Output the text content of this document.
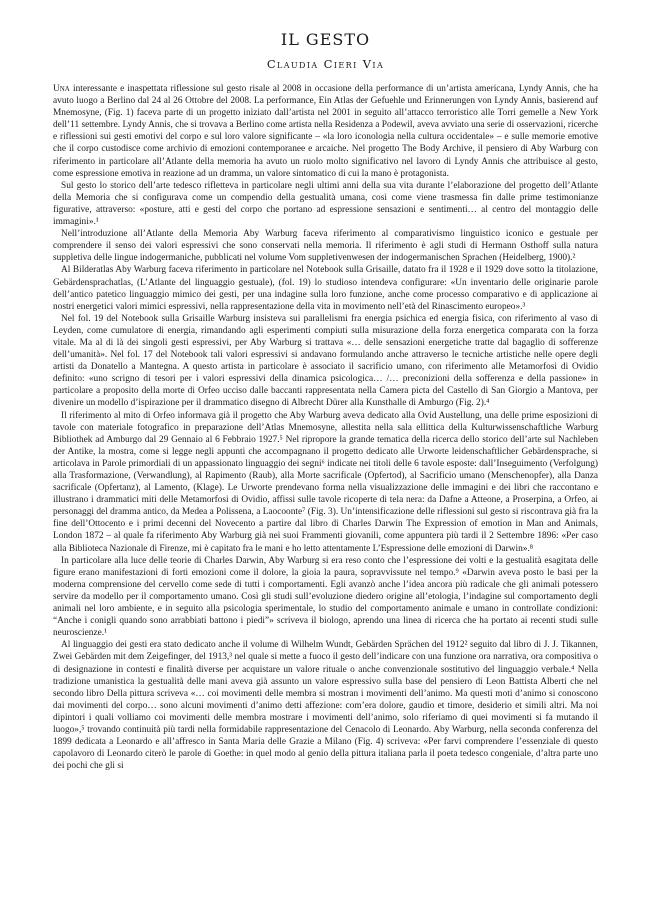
IL GESTO
Claudia Cieri Via

Una interessante e inaspettata riflessione sul gesto risale al 2008 in occasione della performance di un’artista americana, Lyndy Annis, che ha avuto luogo a Berlino dal 24 al 26 Ottobre del 2008. La performance, Ein Atlas der Gefuehle und Erinnerungen von Lyndy Annis, basierend auf Mnemosyne, (Fig. 1) faceva parte di un progetto iniziato dall’artista nel 2001 in seguito all’attacco terroristico alle Torri gemelle a New York dell’11 settembre. Lyndy Annis, che si trovava a Berlino come artista nella Residenza a Podewil, aveva avviato una serie di osservazioni, ricerche e riflessioni sui gesti emotivi del corpo e sul loro valore significante – «la loro iconologia nella cultura occidentale» – e sulle memorie emotive che il corpo custodisce come archivio di emozioni contemporanee e arcaiche. Nel progetto The Body Archive, il pensiero di Aby Warburg con riferimento in particolare all’Atlante della memoria ha avuto un ruolo molto significativo nel lavoro di Lyndy Annis che attribuisce al gesto, come espressione emotiva in reazione ad un dramma, un valore sintomatico di cui la mano è protagonista.

Sul gesto lo storico dell’arte tedesco rifletteva in particolare negli ultimi anni della sua vita durante l’elaborazione del progetto dell’Atlante della Memoria che si configurava come un compendio della gestualità umana, così come viene trasmessa fin dalle prime testimonianze figurative, attraverso: «posture, atti e gesti del corpo che portano ad espressione sensazioni e sentimenti… al centro del montaggio delle immagini».¹

Nell’introduzione all’Atlante della Memoria Aby Warburg faceva riferimento al comparativismo linguistico iconico e gestuale per comprendere il senso dei valori espressivi che sono conservati nella memoria. Il riferimento è agli studi di Hermann Osthoff sulla natura suppletiva delle lingue indogermaniche, pubblicati nel volume Vom suppletivenwesen der indogermanischen Sprachen (Heidelberg, 1900).²

Al Bilderatlas Aby Warburg faceva riferimento in particolare nel Notebook sulla Grisaille, datato fra il 1928 e il 1929 dove sotto la titolazione, Gebärdensprachatlas, (L’Atlante del linguaggio gestuale), (fol. 19) lo studioso intendeva configurare: «Un inventario delle originarie parole dell’antico patetico linguaggio mimico dei gesti, per una indagine sulla loro funzione, anche come processo comparativo e di applicazione ai nostri energetici valori mimici espressivi, nella rappresentazione della vita in movimento nell’età del Rinascimento europeo».³

Nel fol. 19 del Notebook sulla Grisaille Warburg insisteva sui parallelismi fra energia psichica ed energia fisica, con riferimento al vaso di Leyden, come cumulatore di energia, rimandando agli esperimenti compiuti sulla misurazione della forza energetica comparata con la forza vitale. Ma al di là dei singoli gesti espressivi, per Aby Warburg si trattava «… delle sensazioni energetiche tratte dal bagaglio di sofferenze dell’umanità». Nel fol. 17 del Notebook tali valori espressivi si andavano formulando anche attraverso le tecniche artistiche nelle opere degli artisti da Donatello a Mantegna. A questo artista in particolare è associato il sacrificio umano, con riferimento alle Metamorfosi di Ovidio definito: «uno scrigno di tesori per i valori espressivi della dinamica psicologica… /… preconizioni della sofferenza e della passione» in particolare a proposito della morte di Orfeo ucciso dalle baccanti rappresentata nella Camera picta del Castello di San Giorgio a Mantova, per divenire un modello d’ispirazione per il drammatico disegno di Albrecht Dürer alla Kunsthalle di Amburgo (Fig. 2).⁴

Il riferimento al mito di Orfeo informava già il progetto che Aby Warburg aveva dedicato alla Ovid Austellung, una delle prime esposizioni di tavole con materiale fotografico in preparazione dell’Atlas Mnemosyne, allestita nella sala ellittica della Kulturwissenschaftliche Warburg Bibliothek ad Amburgo dal 29 Gennaio al 6 Febbraio 1927.⁵ Nel ripropore la grande tematica della ricerca dello storico dell’arte sul Nachleben der Antike, la mostra, come si legge negli appunti che accompagnano il progetto dedicato alle Urworte leidenschaftlicher Gebärdensprache, si articolava in Parole primordiali di un appassionato linguaggio dei segni⁶ indicate nei titoli delle 6 tavole esposte: dall’Inseguimento (Verfolgung) alla Trasformazione, (Verwandlung), al Rapimento (Raub), alla Morte sacrificale (Opfertod), al Sacrificio umano (Menschenopfer), alla Danza sacrificale (Opfertanz), al Lamento, (Klage). Le Urworte prendevano forma nella visualizzazione delle immagini e dei libri che raccontano e illustrano i drammatici miti delle Metamorfosi di Ovidio, affissi sulle tavole ricoperte di tela nera: da Dafne a Atteone, a Proserpina, a Orfeo, ai personaggi del dramma antico, da Medea a Polissena, a Laocoonte⁷ (Fig. 3). Un’intensificazione delle riflessioni sul gesto si riscontrava già fra la fine dell’Ottocento e i primi decenni del Novecento a partire dal libro di Charles Darwin The Expression of emotion in Man and Animals, London 1872 – al quale fa riferimento Aby Warburg già nei suoi Frammenti giovanili, come appuntera più tardi il 2 Settembre 1896: «Per caso alla Biblioteca Nazionale di Firenze, mi è capitato fra le mani e ho letto attentamente L’Espressione delle emozioni di Darwin».⁸

In particolare alla luce delle teorie di Charles Darwin, Aby Warburg si era reso conto che l’espressione dei volti e la gestualità esagitata delle figure erano manifestazioni di forti emozioni come il dolore, la gioia la paura, sopravvissute nel tempo.⁹ «Darwin aveva posto le basi per la moderna comprensione del cervello come sede di tutti i comportamenti. Egli avanzò anche l’idea ancora più radicale che gli animali potessero servire da modello per il comportamento umano. Così gli studi sull’evoluzione diedero origine all’etologia, l’indagine sul comportamento degli animali nel loro ambiente, e in seguito alla psicologia sperimentale, lo studio del comportamento animale e umano in controllate condizioni: “Anche i conigli quando sono arrabbiati battono i piedi”» scriveva il biologo, aprendo una linea di ricerca che ha portato ai recenti studi sulle neuroscienze.¹

Al linguaggio dei gesti era stato dedicato anche il volume di Wilhelm Wundt, Gebärden Sprächen del 1912² seguito dal libro di J. J. Tikannen, Zwei Gebärden mit dem Zeigefinger, del 1913,³ nel quale si mette a fuoco il gesto dell’indicare con una funzione ora narrativa, ora compositiva o di designazione in contesti e finalità diverse per acquistare un valore rituale o anche convenzionale sostitutivo del linguaggio verbale.⁴ Nella tradizione umanistica la gestualità delle mani aveva già assunto un valore espressivo sulla base del pensiero di Leon Battista Alberti che nel secondo libro Della pittura scriveva «… coi movimenti delle membra si mostran i movimenti dell’animo. Ma questi moti d’animo si conoscono dai movimenti del corpo… sono alcuni movimenti d’animo detti affezione: com’era dolore, gaudio et timore, desiderio et simili altri. Ma noi dipintori i quali volliamo coi movimenti delle membra mostrare i movimenti dell’animo, solo riferiamo di quei movimenti si fa mutando il luogo»,⁵ trovando continuità più tardi nella formidabile rappresentazione del Cenacolo di Leonardo. Aby Warburg, nella seconda conferenza del 1899 dedicata a Leonardo e all’affresco in Santa Maria delle Grazie a Milano (Fig. 4) scriveva: «Per farvi comprendere l’essenziale di questo capolavoro di Leonardo citerò le parole di Goethe: in quel modo al genio della pittura italiana parla il poeta tedesco congeniale, d’altra parte uno dei pochi che gli si
